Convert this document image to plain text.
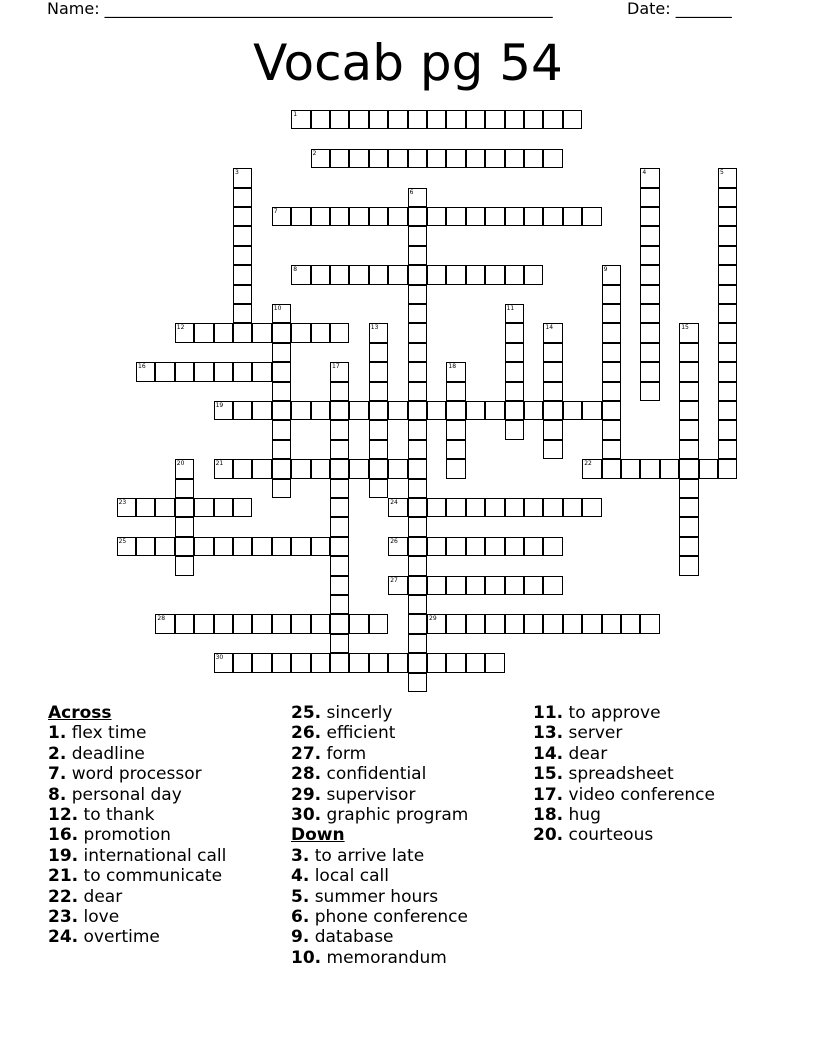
Name: ________________________________________________________	Date: _______
Vocab pg 54
1
2
3	4	5
6
7
8	9
10	11
12	13	14	15
16	17	18
19
20	21	22
23	24
25	26
27
28	29
30
Across
1. flex time
2. deadline
7. word processor
8. personal day
12. to thank
16. promotion
19. international call
21. to communicate
22. dear
23. love
24. overtime
25. sincerly
26. efficient
27. form
28. confidential
29. supervisor
30. graphic program
Down
3. to arrive late
4. local call
5. summer hours
6. phone conference
9. database
10. memorandum
11. to approve
13. server
14. dear
15. spreadsheet
17. video conference
18. hug
20. courteous
